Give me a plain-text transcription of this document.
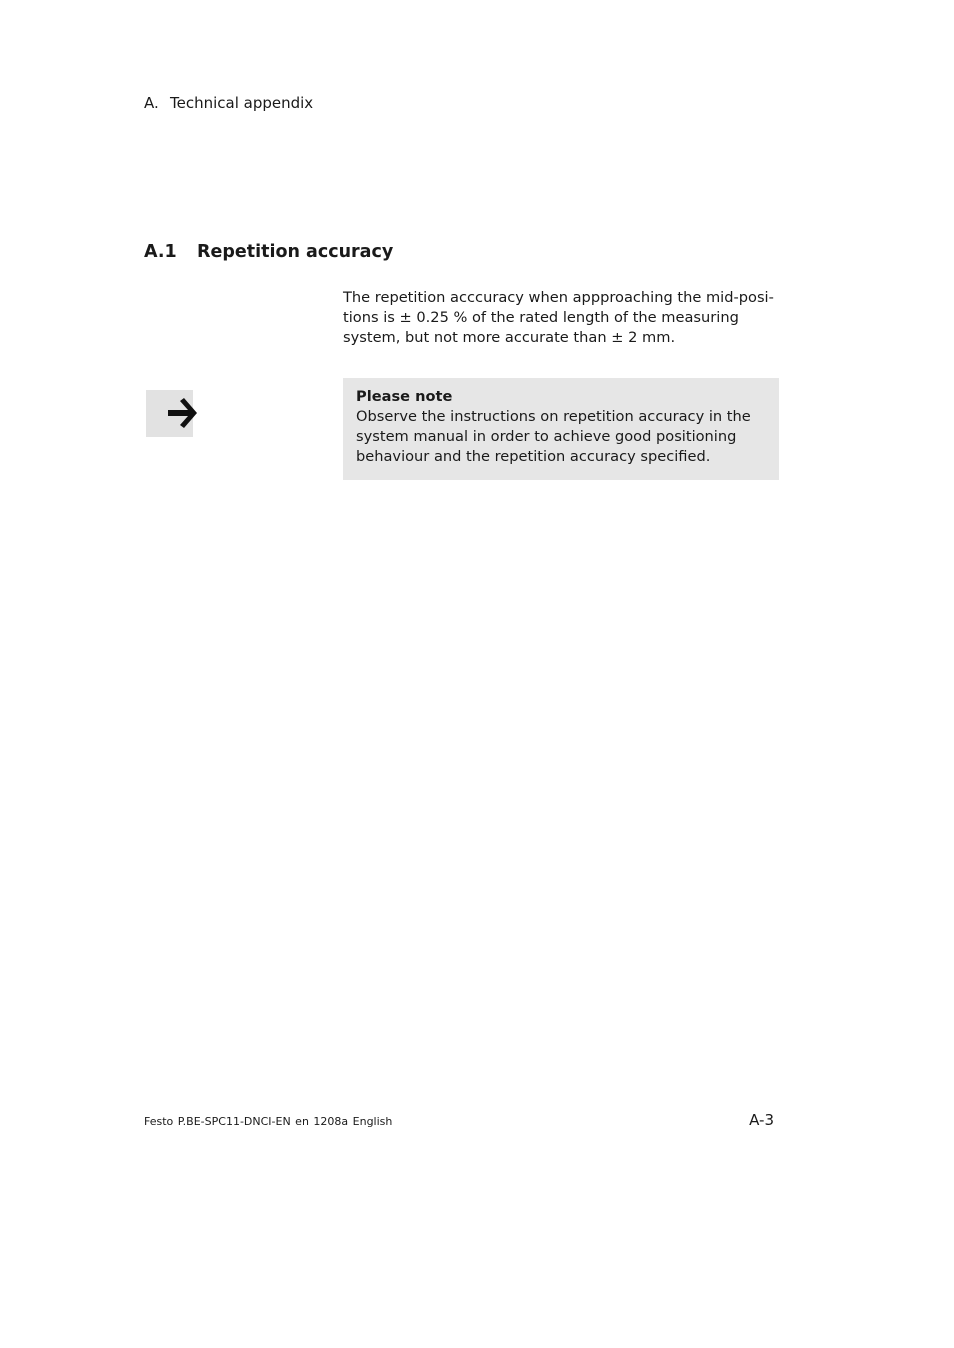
A. Technical appendix
A.1 Repetition accuracy

The repetition acccuracy when appproaching the mid-posi-tions is ± 0.25 % of the rated length of the measuring system, but not more accurate than ± 2 mm.

Please note
Observe the instructions on repetition accuracy in the system manual in order to achieve good positioning behaviour and the repetition accuracy specified.
Festo P.BE-SPC11-DNCI-EN en 1208a English	A-3
